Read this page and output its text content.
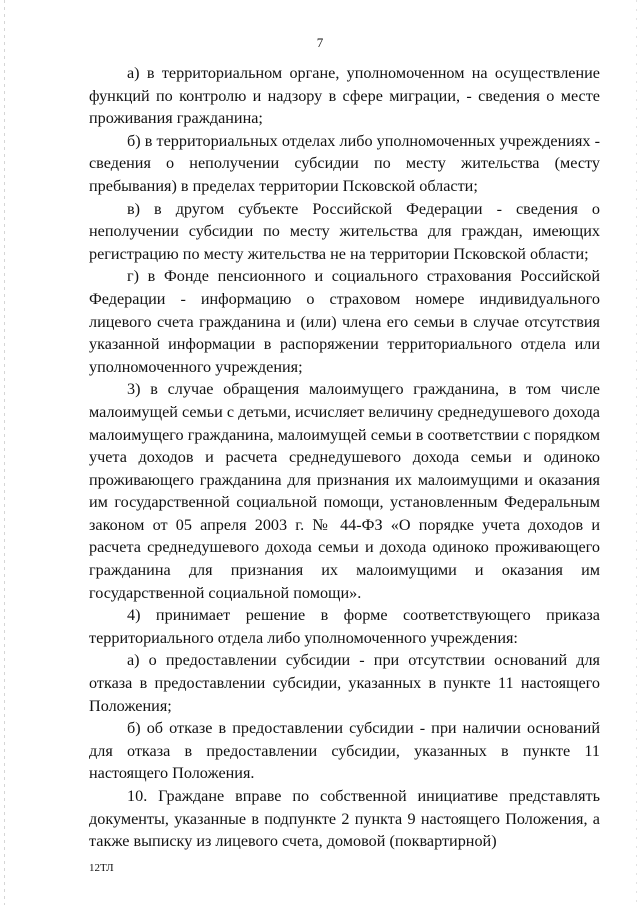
7

а) в территориальном органе, уполномоченном на осуществление функций по контролю и надзору в сфере миграции, - сведения о месте проживания гражданина;

б) в территориальных отделах либо уполномоченных учреждениях - сведения о неполучении субсидии по месту жительства (месту пребывания) в пределах территории Псковской области;

в) в другом субъекте Российской Федерации - сведения о неполучении субсидии по месту жительства для граждан, имеющих регистрацию по месту жительства не на территории Псковской области;

г) в Фонде пенсионного и социального страхования Российской Федерации - информацию о страховом номере индивидуального лицевого счета гражданина и (или) члена его семьи в случае отсутствия указанной информации в распоряжении территориального отдела или уполномоченного учреждения;

3) в случае обращения малоимущего гражданина, в том числе малоимущей семьи с детьми, исчисляет величину среднедушевого дохода малоимущего гражданина, малоимущей семьи в соответствии с порядком учета доходов и расчета среднедушевого дохода семьи и одиноко проживающего гражданина для признания их малоимущими и оказания им государственной социальной помощи, установленным Федеральным законом от 05 апреля 2003 г. № 44-ФЗ «О порядке учета доходов и расчета среднедушевого дохода семьи и дохода одиноко проживающего гражданина для признания их малоимущими и оказания им государственной социальной помощи».

4) принимает решение в форме соответствующего приказа территориального отдела либо уполномоченного учреждения:

а) о предоставлении субсидии - при отсутствии оснований для отказа в предоставлении субсидии, указанных в пункте 11 настоящего Положения;

б) об отказе в предоставлении субсидии - при наличии оснований для отказа в предоставлении субсидии, указанных в пункте 11 настоящего Положения.

10. Граждане вправе по собственной инициативе представлять документы, указанные в подпункте 2 пункта 9 настоящего Положения, а также выписку из лицевого счета, домовой (поквартирной)

12ТЛ
